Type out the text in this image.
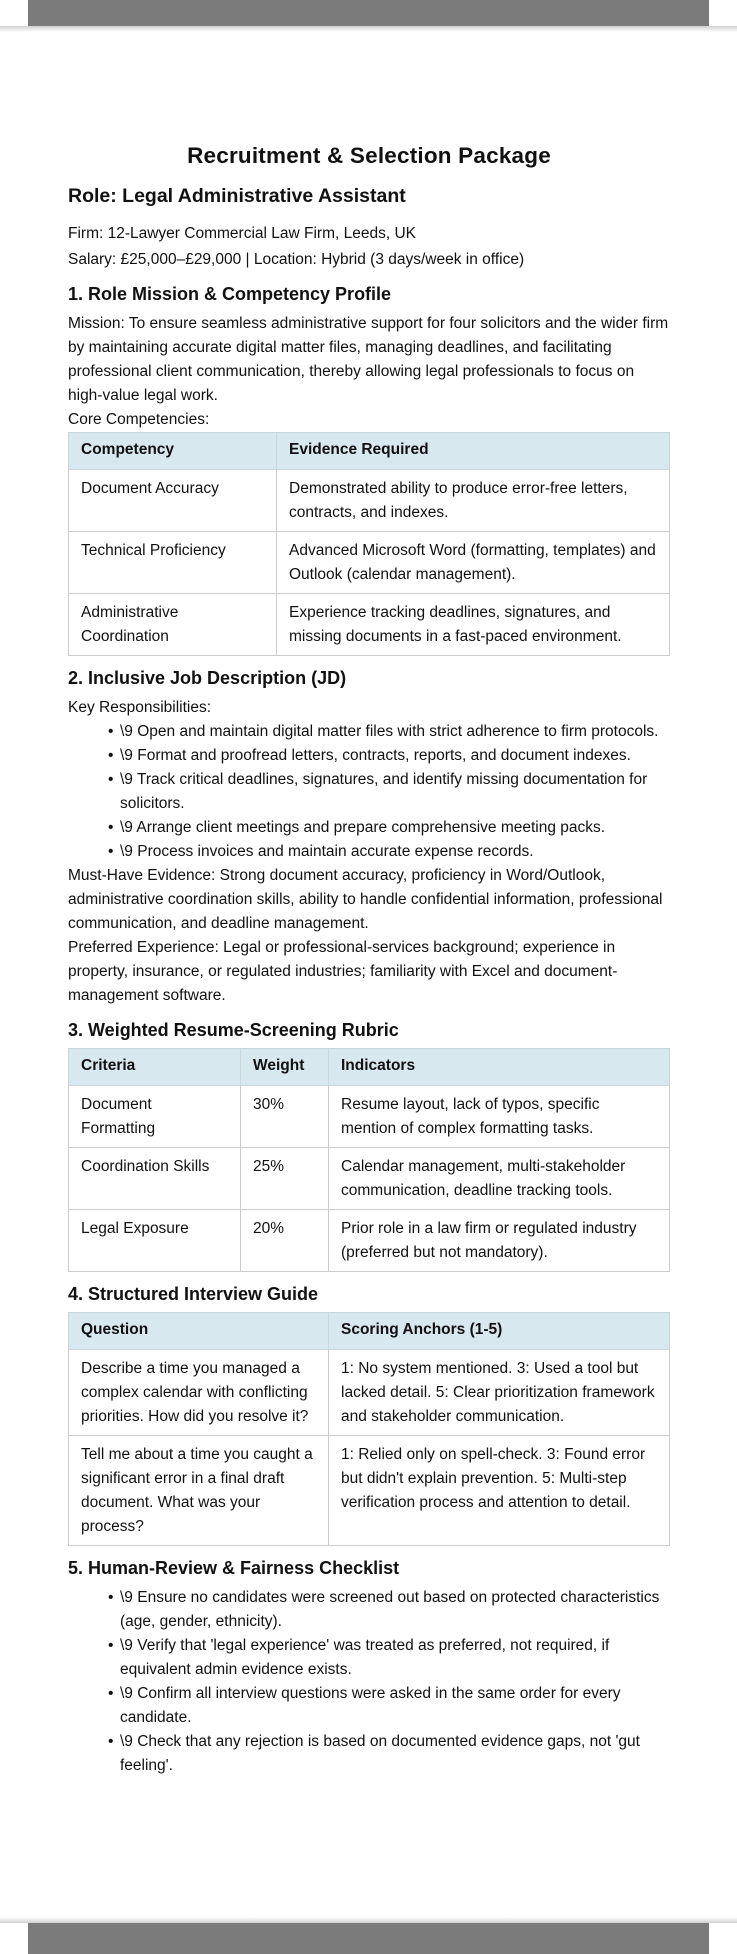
Recruitment & Selection Package
Role: Legal Administrative Assistant

Firm: 12-Lawyer Commercial Law Firm, Leeds, UK

Salary: £25,000–£29,000 | Location: Hybrid (3 days/week in office)

1. Role Mission & Competency Profile

Mission: To ensure seamless administrative support for four solicitors and the wider firm by maintaining accurate digital matter files, managing deadlines, and facilitating professional client communication, thereby allowing legal professionals to focus on high-value legal work.

Core Competencies:

Competency	Evidence Required
Document Accuracy	Demonstrated ability to produce error-free letters, contracts, and indexes.
Technical Proficiency	Advanced Microsoft Word (formatting, templates) and Outlook (calendar management).
Administrative Coordination	Experience tracking deadlines, signatures, and missing documents in a fast-paced environment.
2. Inclusive Job Description (JD)

Key Responsibilities:

• \9 Open and maintain digital matter files with strict adherence to firm protocols.
• \9 Format and proofread letters, contracts, reports, and document indexes.
• \9 Track critical deadlines, signatures, and identify missing documentation for solicitors.
• \9 Arrange client meetings and prepare comprehensive meeting packs.
• \9 Process invoices and maintain accurate expense records.

Must-Have Evidence: Strong document accuracy, proficiency in Word/Outlook, administrative coordination skills, ability to handle confidential information, professional communication, and deadline management.

Preferred Experience: Legal or professional-services background; experience in property, insurance, or regulated industries; familiarity with Excel and document-management software.

3. Weighted Resume-Screening Rubric
Criteria	Weight	Indicators
Document Formatting	30%	Resume layout, lack of typos, specific mention of complex formatting tasks.
Coordination Skills	25%	Calendar management, multi-stakeholder communication, deadline tracking tools.
Legal Exposure	20%	Prior role in a law firm or regulated industry (preferred but not mandatory).
4. Structured Interview Guide
Question	Scoring Anchors (1-5)
Describe a time you managed a complex calendar with conflicting priorities. How did you resolve it?	1: No system mentioned. 3: Used a tool but lacked detail. 5: Clear prioritization framework and stakeholder communication.
Tell me about a time you caught a significant error in a final draft document. What was your process?	1: Relied only on spell-check. 3: Found error but didn't explain prevention. 5: Multi-step verification process and attention to detail.
5. Human-Review & Fairness Checklist
• \9 Ensure no candidates were screened out based on protected characteristics (age, gender, ethnicity).
• \9 Verify that 'legal experience' was treated as preferred, not required, if equivalent admin evidence exists.
• \9 Confirm all interview questions were asked in the same order for every candidate.
• \9 Check that any rejection is based on documented evidence gaps, not 'gut feeling'.
